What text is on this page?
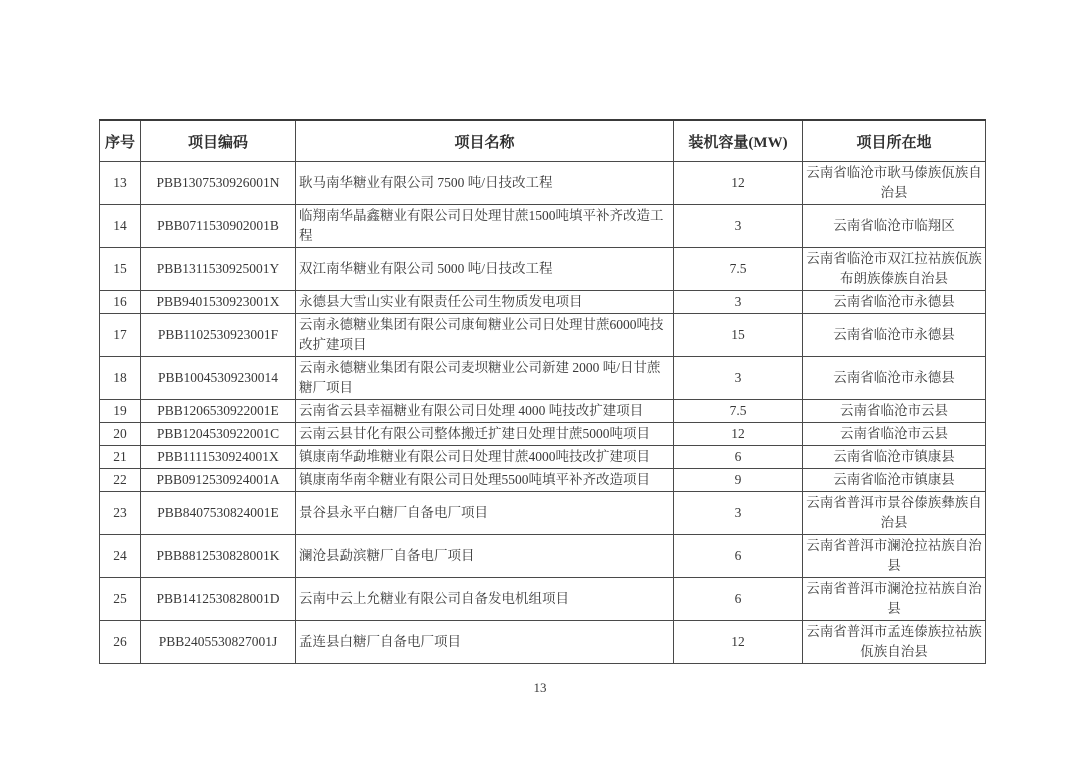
序号	项目编码	项目名称	装机容量(MW)	项目所在地
13	PBB1307530926001N	耿马南华糖业有限公司 7500 吨/日技改工程	12	云南省临沧市耿马傣族佤族自治县
14	PBB0711530902001B	临翔南华晶鑫糖业有限公司日处理甘蔗1500吨填平补齐改造工程	3	云南省临沧市临翔区
15	PBB1311530925001Y	双江南华糖业有限公司 5000 吨/日技改工程	7.5	云南省临沧市双江拉祜族佤族布朗族傣族自治县
16	PBB9401530923001X	永德县大雪山实业有限责任公司生物质发电项目	3	云南省临沧市永德县
17	PBB1102530923001F	云南永德糖业集团有限公司康甸糖业公司日处理甘蔗6000吨技改扩建项目	15	云南省临沧市永德县
18	PBB10045309230014	云南永德糖业集团有限公司麦坝糖业公司新建 2000 吨/日甘蔗糖厂项目	3	云南省临沧市永德县
19	PBB1206530922001E	云南省云县幸福糖业有限公司日处理 4000 吨技改扩建项目	7.5	云南省临沧市云县
20	PBB1204530922001C	云南云县甘化有限公司整体搬迁扩建日处理甘蔗5000吨项目	12	云南省临沧市云县
21	PBB1111530924001X	镇康南华勐堆糖业有限公司日处理甘蔗4000吨技改扩建项目	6	云南省临沧市镇康县
22	PBB0912530924001A	镇康南华南伞糖业有限公司日处理5500吨填平补齐改造项目	9	云南省临沧市镇康县
23	PBB8407530824001E	景谷县永平白糖厂自备电厂项目	3	云南省普洱市景谷傣族彝族自治县
24	PBB8812530828001K	澜沧县勐滨糖厂自备电厂项目	6	云南省普洱市澜沧拉祜族自治县
25	PBB1412530828001D	云南中云上允糖业有限公司自备发电机组项目	6	云南省普洱市澜沧拉祜族自治县
26	PBB2405530827001J	孟连县白糖厂自备电厂项目	12	云南省普洱市孟连傣族拉祜族佤族自治县
13
